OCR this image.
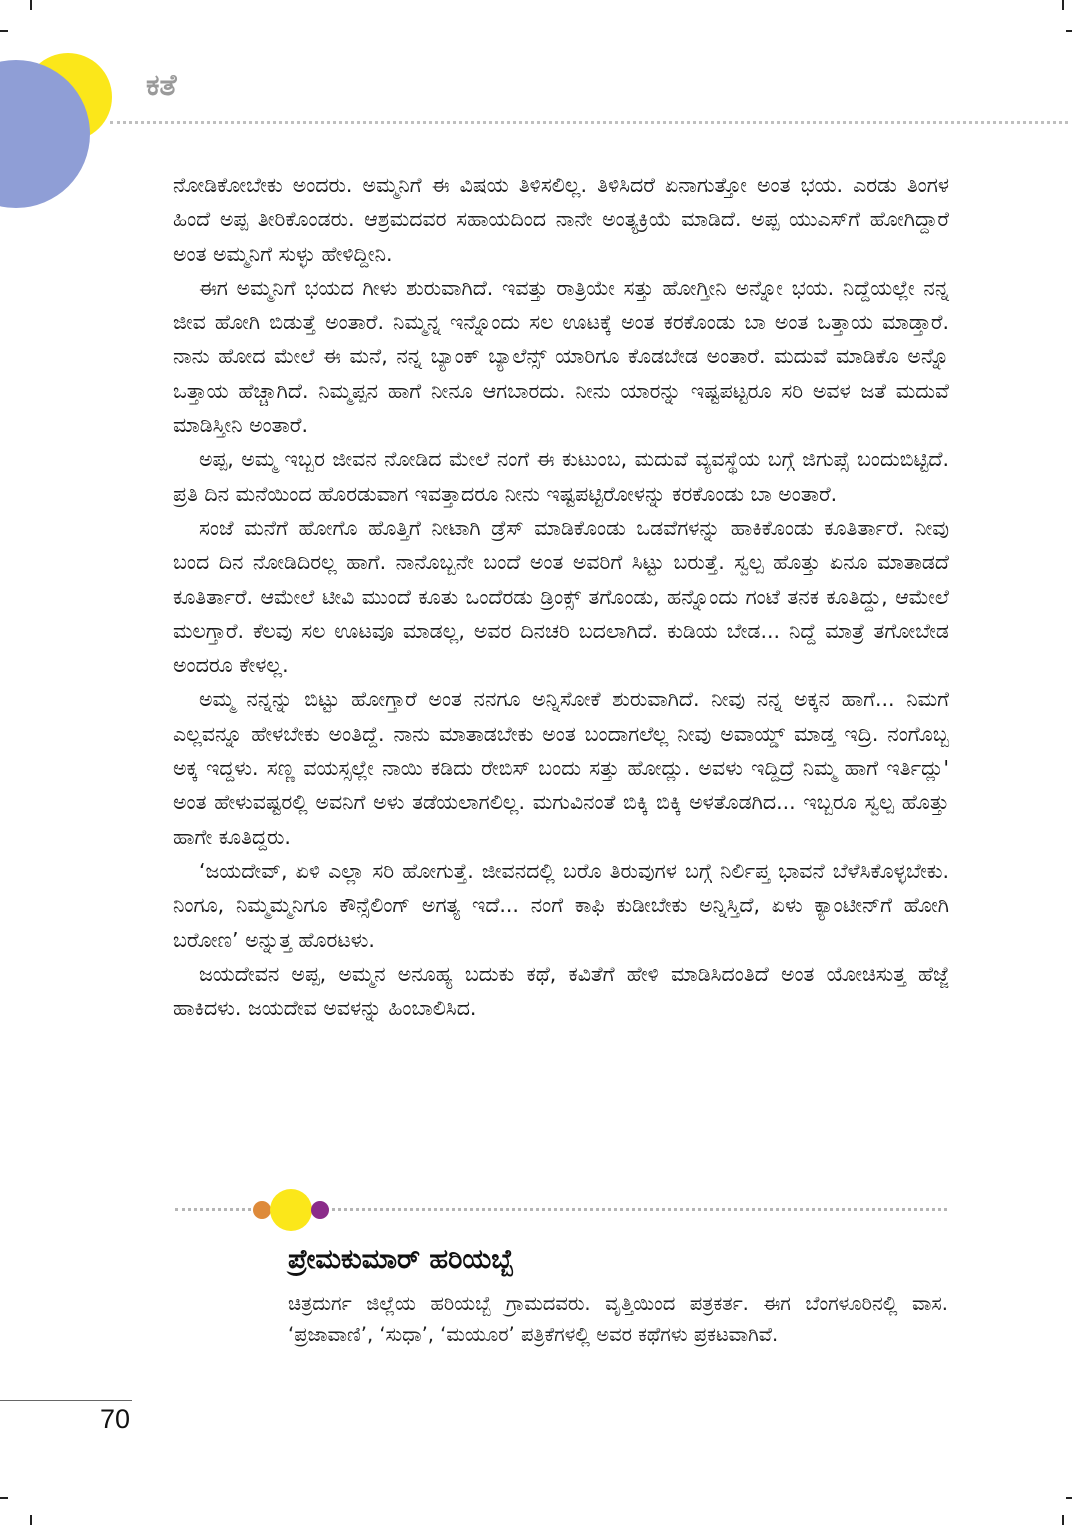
ಕತೆ

ನೋಡಿಕೋಬೇಕು ಅಂದರು. ಅಮ್ಮನಿಗೆ ಈ ವಿಷಯ ತಿಳಿಸಲಿಲ್ಲ. ತಿಳಿಸಿದರೆ ಏನಾಗುತ್ತೋ ಅಂತ ಭಯ. ಎರಡು ತಿಂಗಳ ಹಿಂದೆ ಅಪ್ಪ ತೀರಿಕೊಂಡರು. ಆಶ್ರಮದವರ ಸಹಾಯದಿಂದ ನಾನೇ ಅಂತ್ಯಕ್ರಿಯೆ ಮಾಡಿದೆ. ಅಪ್ಪ ಯುಎಸ್‌ಗೆ ಹೋಗಿದ್ದಾರೆ ಅಂತ ಅಮ್ಮನಿಗೆ ಸುಳ್ಳು ಹೇಳಿದ್ದೀನಿ.

ಈಗ ಅಮ್ಮನಿಗೆ ಭಯದ ಗೀಳು ಶುರುವಾಗಿದೆ. ಇವತ್ತು ರಾತ್ರಿಯೇ ಸತ್ತು ಹೋಗ್ತೀನಿ ಅನ್ನೋ ಭಯ. ನಿದ್ದೆಯಲ್ಲೇ ನನ್ನ ಜೀವ ಹೋಗಿ ಬಿಡುತ್ತೆ ಅಂತಾರೆ. ನಿಮ್ಮನ್ನ ಇನ್ನೊಂದು ಸಲ ಊಟಕ್ಕೆ ಅಂತ ಕರಕೊಂಡು ಬಾ ಅಂತ ಒತ್ತಾಯ ಮಾಡ್ತಾರೆ. ನಾನು ಹೋದ ಮೇಲೆ ಈ ಮನೆ, ನನ್ನ ಬ್ಯಾಂಕ್ ಬ್ಯಾಲೆನ್ಸ್ ಯಾರಿಗೂ ಕೊಡಬೇಡ ಅಂತಾರೆ. ಮದುವೆ ಮಾಡಿಕೊ ಅನ್ನೊ ಒತ್ತಾಯ ಹೆಚ್ಚಾಗಿದೆ. ನಿಮ್ಮಪ್ಪನ ಹಾಗೆ ನೀನೂ ಆಗಬಾರದು. ನೀನು ಯಾರನ್ನು ಇಷ್ಟಪಟ್ಟರೂ ಸರಿ ಅವಳ ಜತೆ ಮದುವೆ ಮಾಡಿಸ್ತೀನಿ ಅಂತಾರೆ.

ಅಪ್ಪ, ಅಮ್ಮ ಇಬ್ಬರ ಜೀವನ ನೋಡಿದ ಮೇಲೆ ನಂಗೆ ಈ ಕುಟುಂಬ, ಮದುವೆ ವ್ಯವಸ್ಥೆಯ ಬಗ್ಗೆ ಜಿಗುಪ್ಸೆ ಬಂದುಬಿಟ್ಟಿದೆ. ಪ್ರತಿ ದಿನ ಮನೆಯಿಂದ ಹೊರಡುವಾಗ ಇವತ್ತಾದರೂ ನೀನು ಇಷ್ಟಪಟ್ಟಿರೋಳನ್ನು ಕರಕೊಂಡು ಬಾ ಅಂತಾರೆ.

ಸಂಜೆ ಮನೆಗೆ ಹೋಗೊ ಹೊತ್ತಿಗೆ ನೀಟಾಗಿ ಡ್ರೆಸ್ ಮಾಡಿಕೊಂಡು ಒಡವೆಗಳನ್ನು ಹಾಕಿಕೊಂಡು ಕೂತಿರ್ತಾರೆ. ನೀವು ಬಂದ ದಿನ ನೋಡಿದಿರಲ್ಲ ಹಾಗೆ. ನಾನೊಬ್ಬನೇ ಬಂದೆ ಅಂತ ಅವರಿಗೆ ಸಿಟ್ಟು ಬರುತ್ತೆ. ಸ್ವಲ್ಪ ಹೊತ್ತು ಏನೂ ಮಾತಾಡದೆ ಕೂತಿರ್ತಾರೆ. ಆಮೇಲೆ ಟೀವಿ ಮುಂದೆ ಕೂತು ಒಂದೆರಡು ಡ್ರಿಂಕ್ಸ್ ತಗೊಂಡು, ಹನ್ನೊಂದು ಗಂಟೆ ತನಕ ಕೂತಿದ್ದು, ಆಮೇಲೆ ಮಲಗ್ತಾರೆ. ಕೆಲವು ಸಲ ಊಟವೂ ಮಾಡಲ್ಲ, ಅವರ ದಿನಚರಿ ಬದಲಾಗಿದೆ. ಕುಡಿಯ ಬೇಡ... ನಿದ್ದೆ ಮಾತ್ರೆ ತಗೋಬೇಡ ಅಂದರೂ ಕೇಳಲ್ಲ.

ಅಮ್ಮ ನನ್ನನ್ನು ಬಿಟ್ಟು ಹೋಗ್ತಾರೆ ಅಂತ ನನಗೂ ಅನ್ನಿಸೋಕೆ ಶುರುವಾಗಿದೆ. ನೀವು ನನ್ನ ಅಕ್ಕನ ಹಾಗೆ... ನಿಮಗೆ ಎಲ್ಲವನ್ನೂ ಹೇಳಬೇಕು ಅಂತಿದ್ದೆ. ನಾನು ಮಾತಾಡಬೇಕು ಅಂತ ಬಂದಾಗಲೆಲ್ಲ ನೀವು ಅವಾಯ್ಡ್ ಮಾಡ್ತ ಇದ್ರಿ. ನಂಗೊಬ್ಬ ಅಕ್ಕ ಇದ್ದಳು. ಸಣ್ಣ ವಯಸ್ಸಲ್ಲೇ ನಾಯಿ ಕಡಿದು ರೇಬಿಸ್ ಬಂದು ಸತ್ತು ಹೋದ್ಲು. ಅವಳು ಇದ್ದಿದ್ರೆ ನಿಮ್ಮ ಹಾಗೆ ಇರ್ತಿದ್ಲು' ಅಂತ ಹೇಳುವಷ್ಟರಲ್ಲಿ ಅವನಿಗೆ ಅಳು ತಡೆಯಲಾಗಲಿಲ್ಲ. ಮಗುವಿನಂತೆ ಬಿಕ್ಕಿ ಬಿಕ್ಕಿ ಅಳತೊಡಗಿದ... ಇಬ್ಬರೂ ಸ್ವಲ್ಪ ಹೊತ್ತು ಹಾಗೇ ಕೂತಿದ್ದರು.

‘ಜಯದೇವ್, ಏಳಿ ಎಲ್ಲಾ ಸರಿ ಹೋಗುತ್ತೆ. ಜೀವನದಲ್ಲಿ ಬರೊ ತಿರುವುಗಳ ಬಗ್ಗೆ ನಿರ್ಲಿಪ್ತ ಭಾವನೆ ಬೆಳೆಸಿಕೊಳ್ಳಬೇಕು. ನಿಂಗೂ, ನಿಮ್ಮಮ್ಮನಿಗೂ ಕೌನ್ಸೆಲಿಂಗ್ ಅಗತ್ಯ ಇದೆ... ನಂಗೆ ಕಾಫಿ ಕುಡೀಬೇಕು ಅನ್ನಿಸ್ತಿದೆ, ಏಳು ಕ್ಯಾಂಟೀನ್‌ಗೆ ಹೋಗಿ ಬರೋಣ’ ಅನ್ನುತ್ತ ಹೊರಟಳು.

ಜಯದೇವನ ಅಪ್ಪ, ಅಮ್ಮನ ಅನೂಹ್ಯ ಬದುಕು ಕಥೆ, ಕವಿತೆಗೆ ಹೇಳಿ ಮಾಡಿಸಿದಂತಿದೆ ಅಂತ ಯೋಚಿಸುತ್ತ ಹೆಜ್ಜೆ ಹಾಕಿದಳು. ಜಯದೇವ ಅವಳನ್ನು ಹಿಂಬಾಲಿಸಿದ.

ಪ್ರೇಮಕುಮಾರ್ ಹರಿಯಬ್ಬೆ

ಚಿತ್ರದುರ್ಗ ಜಿಲ್ಲೆಯ ಹರಿಯಬ್ಬೆ ಗ್ರಾಮದವರು. ವೃತ್ತಿಯಿಂದ ಪತ್ರಕರ್ತ. ಈಗ ಬೆಂಗಳೂರಿನಲ್ಲಿ ವಾಸ. ‘ಪ್ರಜಾವಾಣಿ’, ‘ಸುಧಾ’, ‘ಮಯೂರ’ ಪತ್ರಿಕೆಗಳಲ್ಲಿ ಅವರ ಕಥೆಗಳು ಪ್ರಕಟವಾಗಿವೆ.

70
